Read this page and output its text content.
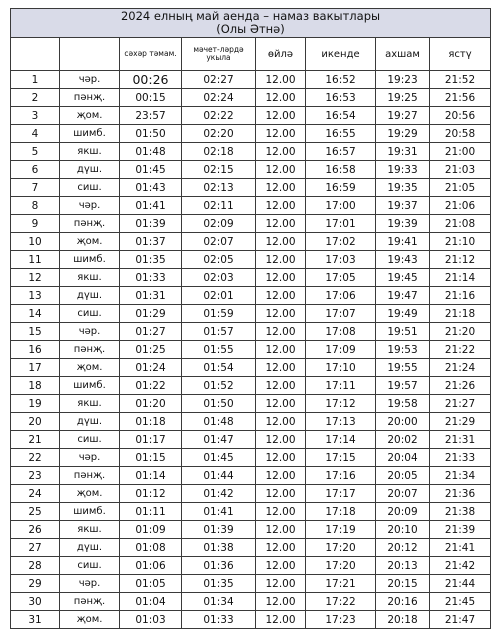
2024 елның май аенда – намаз вакытлары
(Олы Әтнә)							

		сәхәр тәмам.	мәчет-ләрдә укыла	өйлә	икенде	ахшам	ястү
1	чәр.	00:26	02:27	12.00	16:52	19:23	21:52
2	пәнҗ.	00:15	02:24	12.00	16:53	19:25	21:56
3	җом.	23:57	02:22	12.00	16:54	19:27	20:56
4	шимб.	01:50	02:20	12.00	16:55	19:29	20:58
5	якш.	01:48	02:18	12.00	16:57	19:31	21:00
6	дүш.	01:45	02:15	12.00	16:58	19:33	21:03
7	сиш.	01:43	02:13	12.00	16:59	19:35	21:05
8	чәр.	01:41	02:11	12.00	17:00	19:37	21:06
9	пәнҗ.	01:39	02:09	12.00	17:01	19:39	21:08
10	җом.	01:37	02:07	12.00	17:02	19:41	21:10
11	шимб.	01:35	02:05	12.00	17:03	19:43	21:12
12	якш.	01:33	02:03	12.00	17:05	19:45	21:14
13	дүш.	01:31	02:01	12.00	17:06	19:47	21:16
14	сиш.	01:29	01:59	12.00	17:07	19:49	21:18
15	чәр.	01:27	01:57	12.00	17:08	19:51	21:20
16	пәнҗ.	01:25	01:55	12.00	17:09	19:53	21:22
17	җом.	01:24	01:54	12.00	17:10	19:55	21:24
18	шимб.	01:22	01:52	12.00	17:11	19:57	21:26
19	якш.	01:20	01:50	12.00	17:12	19:58	21:27
20	дүш.	01:18	01:48	12.00	17:13	20:00	21:29
21	сиш.	01:17	01:47	12.00	17:14	20:02	21:31
22	чәр.	01:15	01:45	12.00	17:15	20:04	21:33
23	пәнҗ.	01:14	01:44	12.00	17:16	20:05	21:34
24	җом.	01:12	01:42	12.00	17:17	20:07	21:36
25	шимб.	01:11	01:41	12.00	17:18	20:09	21:38
26	якш.	01:09	01:39	12.00	17:19	20:10	21:39
27	дүш.	01:08	01:38	12.00	17:20	20:12	21:41
28	сиш.	01:06	01:36	12.00	17:20	20:13	21:42
29	чәр.	01:05	01:35	12.00	17:21	20:15	21:44
30	пәнҗ.	01:04	01:34	12.00	17:22	20:16	21:45
31	җом.	01:03	01:33	12.00	17:23	20:18	21:47
